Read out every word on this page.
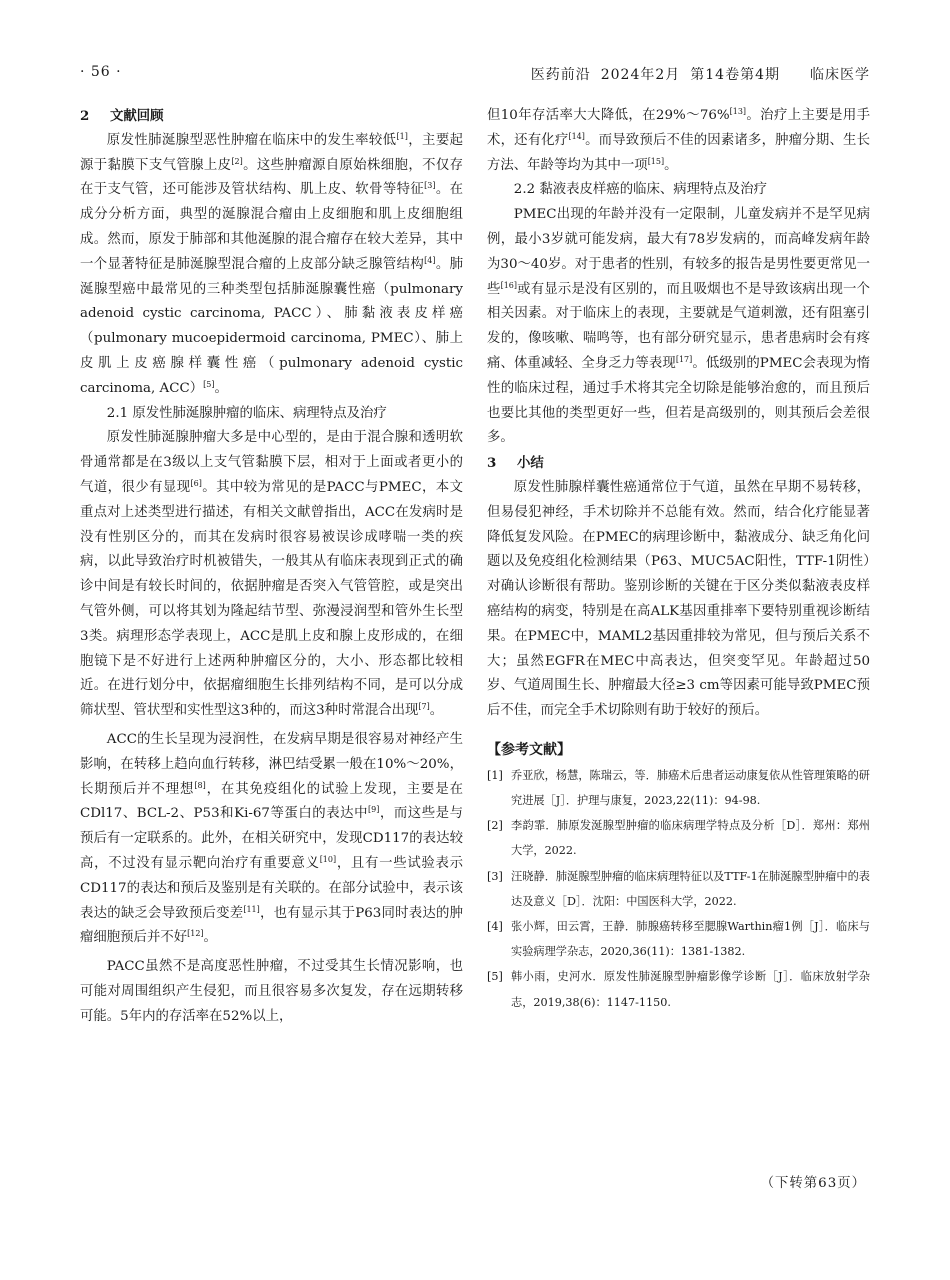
· 56 ·	医药前沿 2024年2月 第14卷第4期 临床医学
2 文献回顾

原发性肺涎腺型恶性肿瘤在临床中的发生率较低[1]，主要起源于黏膜下支气管腺上皮[2]。这些肿瘤源自原始株细胞，不仅存在于支气管，还可能涉及管状结构、肌上皮、软骨等特征[3]。在成分分析方面，典型的涎腺混合瘤由上皮细胞和肌上皮细胞组成。然而，原发于肺部和其他涎腺的混合瘤存在较大差异，其中一个显著特征是肺涎腺型混合瘤的上皮部分缺乏腺管结构[4]。肺涎腺型癌中最常见的三种类型包括肺涎腺囊性癌（pulmonary adenoid cystic carcinoma, PACC）、肺黏液表皮样癌（pulmonary mucoepidermoid carcinoma, PMEC）、肺上皮肌上皮癌腺样囊性癌（pulmonary adenoid cystic carcinoma, ACC）[5]。

2.1 原发性肺涎腺肿瘤的临床、病理特点及治疗

原发性肺涎腺肿瘤大多是中心型的，是由于混合腺和透明软骨通常都是在3级以上支气管黏膜下层，相对于上面或者更小的气道，很少有显现[6]。其中较为常见的是PACC与PMEC，本文重点对上述类型进行描述，有相关文献曾指出，ACC在发病时是没有性别区分的，而其在发病时很容易被误诊成哮喘一类的疾病，以此导致治疗时机被错失，一般其从有临床表现到正式的确诊中间是有较长时间的，依据肿瘤是否突入气管管腔，或是突出气管外侧，可以将其划为隆起结节型、弥漫浸润型和管外生长型3类。病理形态学表现上，ACC是肌上皮和腺上皮形成的，在细胞镜下是不好进行上述两种肿瘤区分的，大小、形态都比较相近。在进行划分中，依据瘤细胞生长排列结构不同，是可以分成筛状型、管状型和实性型这3种的，而这3种时常混合出现[7]。

ACC的生长呈现为浸润性，在发病早期是很容易对神经产生影响，在转移上趋向血行转移，淋巴结受累一般在10%～20%，长期预后并不理想[8]，在其免疫组化的试验上发现，主要是在CDl17、BCL-2、P53和Ki-67等蛋白的表达中[9]，而这些是与预后有一定联系的。此外，在相关研究中，发现CD117的表达较高，不过没有显示靶向治疗有重要意义[10]，且有一些试验表示CD117的表达和预后及鉴别是有关联的。在部分试验中，表示该表达的缺乏会导致预后变差[11]，也有显示其于P63同时表达的肿瘤细胞预后并不好[12]。

PACC虽然不是高度恶性肿瘤，不过受其生长情况影响，也可能对周围组织产生侵犯，而且很容易多次复发，存在远期转移可能。5年内的存活率在52%以上，

但10年存活率大大降低，在29%～76%[13]。治疗上主要是用手术，还有化疗[14]。而导致预后不佳的因素诸多，肿瘤分期、生长方法、年龄等均为其中一项[15]。

2.2 黏液表皮样癌的临床、病理特点及治疗

PMEC出现的年龄并没有一定限制，儿童发病并不是罕见病例，最小3岁就可能发病，最大有78岁发病的，而高峰发病年龄为30～40岁。对于患者的性别，有较多的报告是男性要更常见一些[16]或有显示是没有区别的，而且吸烟也不是导致该病出现一个相关因素。对于临床上的表现，主要就是气道刺激，还有阻塞引发的，像咳嗽、喘鸣等，也有部分研究显示，患者患病时会有疼痛、体重减轻、全身乏力等表现[17]。低级别的PMEC会表现为惰性的临床过程，通过手术将其完全切除是能够治愈的，而且预后也要比其他的类型更好一些，但若是高级别的，则其预后会差很多。

3 小结

原发性肺腺样囊性癌通常位于气道，虽然在早期不易转移，但易侵犯神经，手术切除并不总能有效。然而，结合化疗能显著降低复发风险。在PMEC的病理诊断中，黏液成分、缺乏角化问题以及免疫组化检测结果（P63、MUC5AC阳性，TTF-1阴性）对确认诊断很有帮助。鉴别诊断的关键在于区分类似黏液表皮样癌结构的病变，特别是在高ALK基因重排率下要特别重视诊断结果。在PMEC中，MAML2基因重排较为常见，但与预后关系不大；虽然EGFR在MEC中高表达，但突变罕见。年龄超过50岁、气道周围生长、肿瘤最大径≥3 cm等因素可能导致PMEC预后不佳，而完全手术切除则有助于较好的预后。

【参考文献】
[1] 乔亚欣，杨慧，陈瑞云，等．肺癌术后患者运动康复依从性管理策略的研究进展［J］．护理与康复，2023,22(11)：94-98.
[2] 李韵霏．肺原发涎腺型肿瘤的临床病理学特点及分析［D］．郑州：郑州大学，2022.
[3] 汪晓静．肺涎腺型肿瘤的临床病理特征以及TTF-1在肺涎腺型肿瘤中的表达及意义［D］．沈阳：中国医科大学，2022.
[4] 张小辉，田云霄，王静．肺腺癌转移至腮腺Warthin瘤1例［J］．临床与实验病理学杂志，2020,36(11)：1381-1382.
[5] 韩小雨，史河水．原发性肺涎腺型肿瘤影像学诊断［J］．临床放射学杂志，2019,38(6)：1147-1150.
（下转第63页）
